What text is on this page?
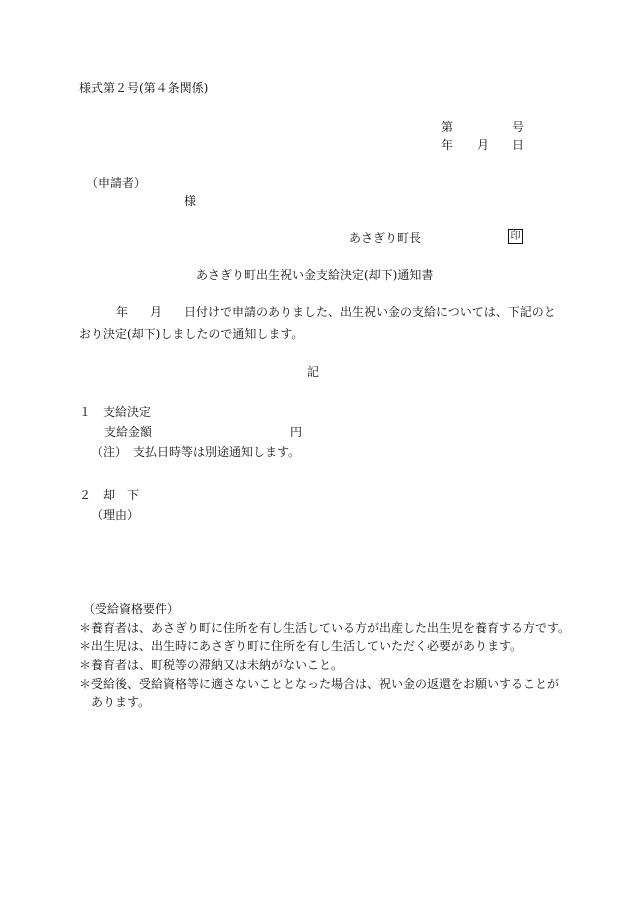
様式第２号(第４条関係)
第	号
年 月 日
（申請者）
様
あさぎり町長	印
あさぎり町出生祝い金支給決定(却下)通知書
年 月 日付けで申請のありました、出生祝い金の支給については、下記のと
おり決定(却下)しましたので通知します。
記
１　支給決定
支給金額	円
（注）　支払日時等は別途通知します。
２　却　下
（理由）
（受給資格要件）
＊養育者は、あさぎり町に住所を有し生活している方が出産した出生児を養育する方です。
＊出生児は、出生時にあさぎり町に住所を有し生活していただく必要があります。
＊養育者は、町税等の滞納又は未納がないこと。
＊受給後、受給資格等に適さないこととなった場合は、祝い金の返還をお願いすることが
あります。
